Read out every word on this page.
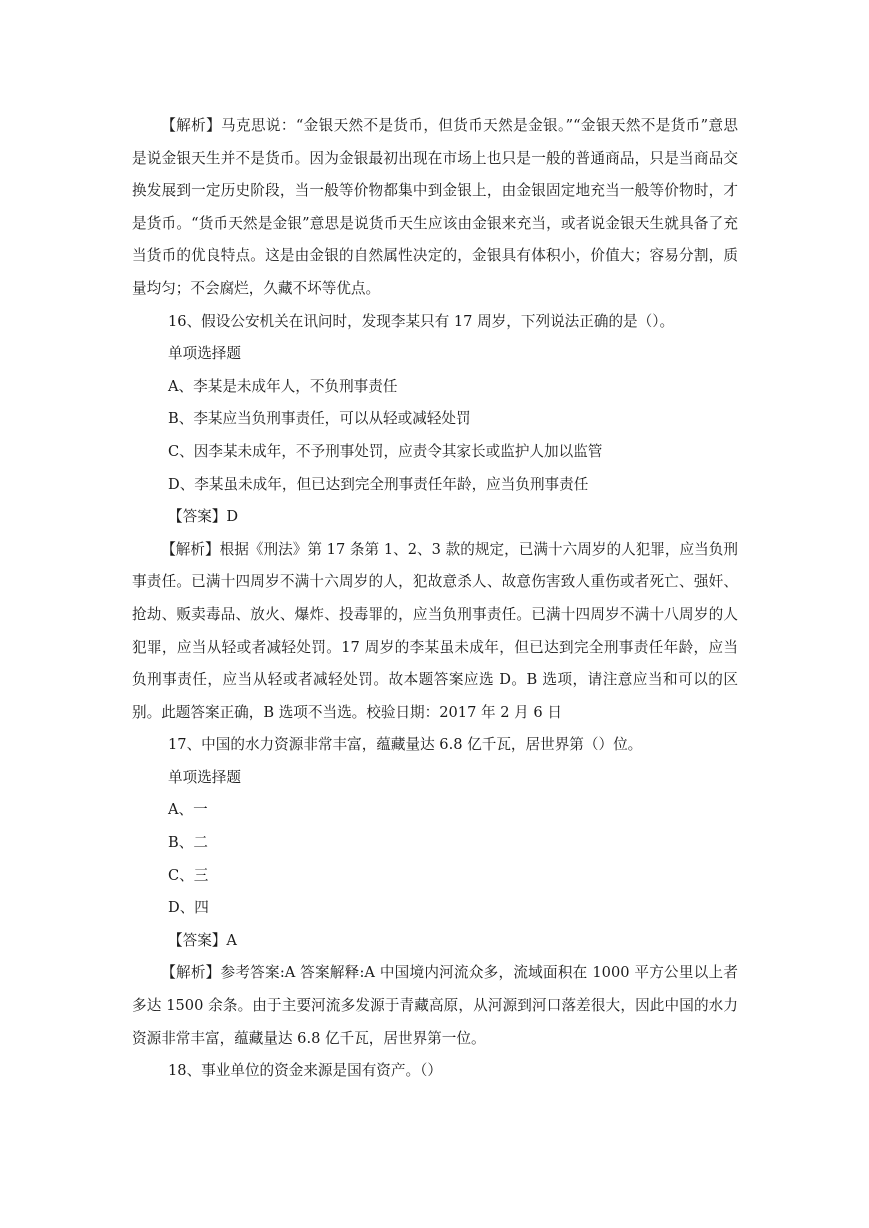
【解析】马克思说：“金银天然不是货币，但货币天然是金银。”“金银天然不是货币”意思是说金银天生并不是货币。因为金银最初出现在市场上也只是一般的普通商品，只是当商品交换发展到一定历史阶段，当一般等价物都集中到金银上，由金银固定地充当一般等价物时，才是货币。“货币天然是金银”意思是说货币天生应该由金银来充当，或者说金银天生就具备了充当货币的优良特点。这是由金银的自然属性决定的，金银具有体积小，价值大；容易分割，质量均匀；不会腐烂，久藏不坏等优点。

16、假设公安机关在讯问时，发现李某只有 17 周岁，下列说法正确的是（）。
单项选择题
A、李某是未成年人，不负刑事责任
B、李某应当负刑事责任，可以从轻或减轻处罚
C、因李某未成年，不予刑事处罚，应责令其家长或监护人加以监管
D、李某虽未成年，但已达到完全刑事责任年龄，应当负刑事责任
【答案】D

【解析】根据《刑法》第 17 条第 1、2、3 款的规定，已满十六周岁的人犯罪，应当负刑事责任。已满十四周岁不满十六周岁的人，犯故意杀人、故意伤害致人重伤或者死亡、强奸、抢劫、贩卖毒品、放火、爆炸、投毒罪的，应当负刑事责任。已满十四周岁不满十八周岁的人犯罪，应当从轻或者减轻处罚。17 周岁的李某虽未成年，但已达到完全刑事责任年龄，应当负刑事责任，应当从轻或者减轻处罚。故本题答案应选 D。B 选项，请注意应当和可以的区别。此题答案正确，B 选项不当选。校验日期：2017 年 2 月 6 日

17、中国的水力资源非常丰富，蕴藏量达 6.8 亿千瓦，居世界第（）位。
单项选择题
A、一
B、二
C、三
D、四
【答案】A

【解析】参考答案:A 答案解释:A 中国境内河流众多，流域面积在 1000 平方公里以上者多达 1500 余条。由于主要河流多发源于青藏高原，从河源到河口落差很大，因此中国的水力资源非常丰富，蕴藏量达 6.8 亿千瓦，居世界第一位。

18、事业单位的资金来源是国有资产。（）
